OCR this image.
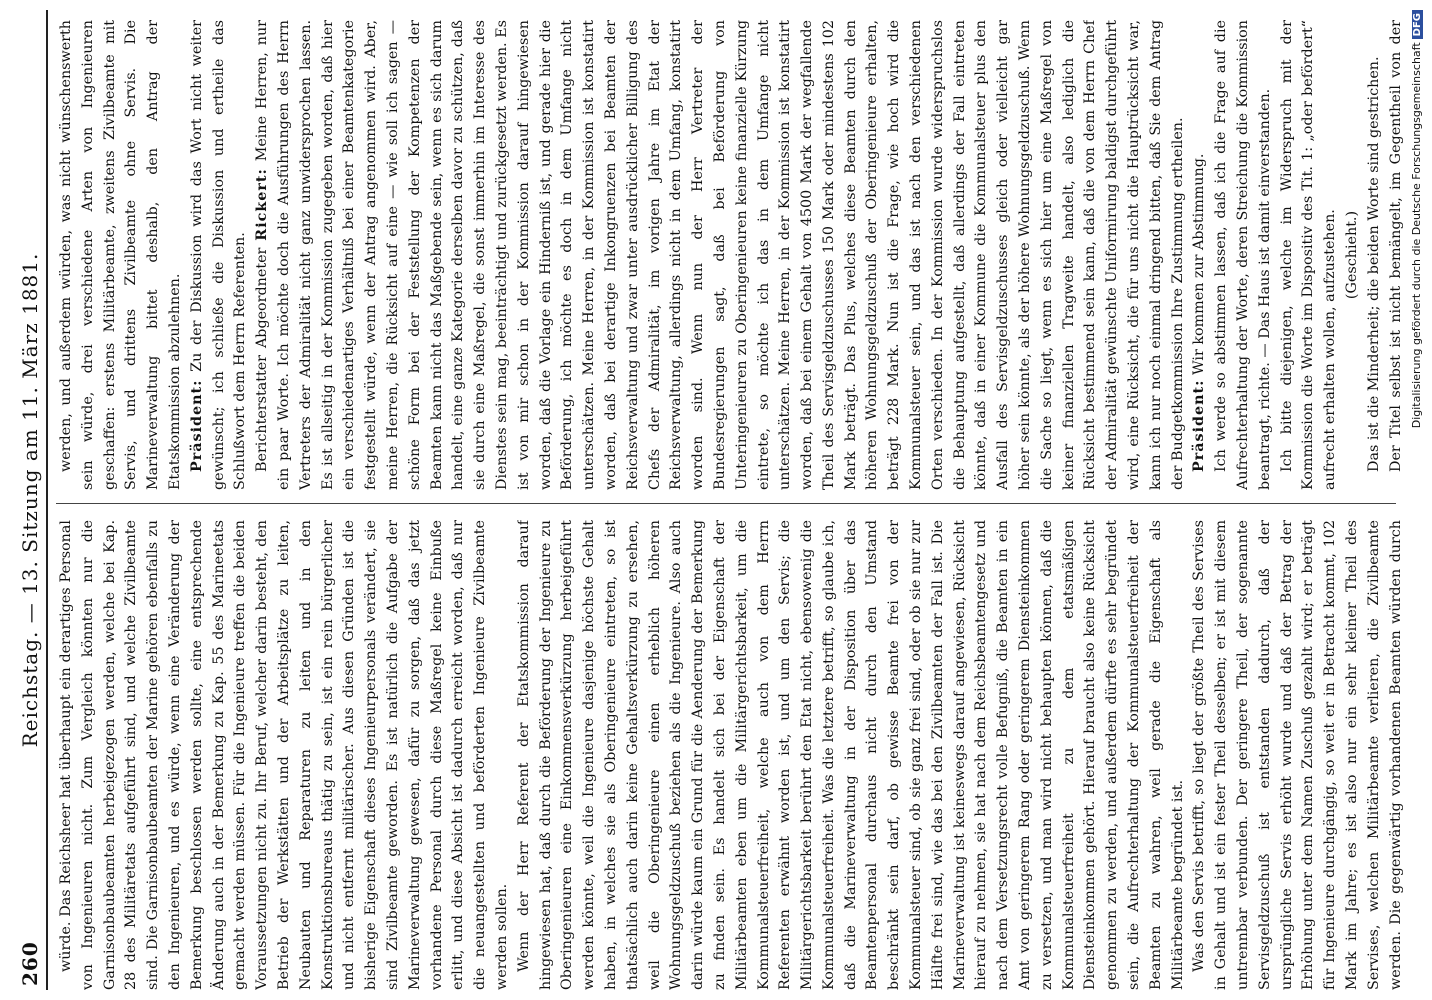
260
Reichstag. — 13. Sitzung am 11. März 1881. würde. Das Reichsheer hat überhaupt ein derartiges Personal von Ingenieuren nicht. Zum Vergleich könnten nur die Garnisonbaubeamten herbeigezogen werden, welche bei Kap. 28 des Militäretats aufgeführt sind, und welche Zivilbeamte sind. Die Garnisonbaubeamten der Marine gehören ebenfalls zu den Ingenieuren, und es würde, wenn eine Veränderung der Bemerkung beschlossen werden sollte, eine entsprechende Änderung auch in der Bemerkung zu Kap. 55 des Marineetats gemacht werden müssen. Für die Ingenieure treffen die beiden Voraussetzungen nicht zu. Ihr Beruf, welcher darin besteht, den Betrieb der Werkstätten und der Arbeitsplätze zu leiten, Neubauten und Reparaturen zu leiten und in den Konstruktionsbureaus thätig zu sein, ist ein rein bürgerlicher und nicht entfernt militärischer. Aus diesen Gründen ist die bisherige Eigenschaft dieses Ingenieurpersonals verändert, sie sind Zivilbeamte geworden. Es ist natürlich die Aufgabe der Marineverwaltung gewesen, dafür zu sorgen, daß das jetzt vorhandene Personal durch diese Maßregel keine Einbuße erlitt, und diese Absicht ist dadurch erreicht worden, daß nur die neuangestellten und beförderten Ingenieure Zivilbeamte werden sollen. Wenn der Herr Referent der Etatskommission darauf hingewiesen hat, daß durch die Beförderung der Ingenieure zu Oberingenieuren eine Einkommensverkürzung herbeigeführt werden könnte, weil die Ingenieure dasjenige höchste Gehalt haben, in welches sie als Oberingenieure eintreten, so ist thatsächlich auch darin keine Gehaltsverkürzung zu ersehen, weil die Oberingenieure einen erheblich höheren Wohnungsgeldzuschuß beziehen als die Ingenieure. Also auch darin würde kaum ein Grund für die Aenderung der Bemerkung zu finden sein. Es handelt sich bei der Eigenschaft der Militärbeamten eben um die Militärgerichtsbarkeit, um die Kommunalsteuerfreiheit, welche auch von dem Herrn Referenten erwähnt worden ist, und um den Servis; die Militärgerichtsbarkeit berührt den Etat nicht, ebensowenig die Kommunalsteuerfreiheit. Was die letztere betrifft, so glaube ich, daß die Marineverwaltung in der Disposition über das Beamtenpersonal durchaus nicht durch den Umstand beschränkt sein darf, ob gewisse Beamte frei von der Kommunalsteuer sind, ob sie ganz frei sind, oder ob sie nur zur Hälfte frei sind, wie das bei den Zivilbeamten der Fall ist. Die Marineverwaltung ist keineswegs darauf angewiesen, Rücksicht hierauf zu nehmen, sie hat nach dem Reichsbeamtengesetz und nach dem Versetzungsrecht volle Befugniß, die Beamten in ein Amt von geringerem Rang oder geringerem Diensteinkommen zu versetzen, und man wird nicht behaupten können, daß die Kommunalsteuerfreiheit zu dem etatsmäßigen Diensteinkommen gehört. Hierauf braucht also keine Rücksicht genommen zu werden, und außerdem dürfte es sehr begründet sein, die Aufrechterhaltung der Kommunalsteuerfreiheit der Beamten zu wahren, weil gerade die Eigenschaft als Militärbeamte begründet ist. Was den Servis betrifft, so liegt der größte Theil des Servises in Gehalt und ist ein fester Theil desselben; er ist mit diesem untrennbar verbunden. Der geringere Theil, der sogenannte Servisgeldzuschuß ist entstanden dadurch, daß der ursprüngliche Servis erhöht wurde und daß der Betrag der Erhöhung unter dem Namen Zuschuß gezahlt wird; er beträgt für Ingenieure durchgängig, so weit er in Betracht kommt, 102 Mark im Jahre; es ist also nur ein sehr kleiner Theil des Servises, welchen Militärbeamte verlieren, die Zivilbeamte werden. Die gegenwärtig vorhandenen Beamten würden durch

werden, und außerdem würden, was nicht wünschenswerth sein würde, drei verschiedene Arten von Ingenieuren geschaffen: erstens Militärbeamte, zweitens Zivilbeamte mit Servis, und drittens Zivilbeamte ohne Servis. Die Marineverwaltung bittet deshalb, den Antrag der Etatskommission abzulehnen. Präsident: Zu der Diskussion wird das Wort nicht weiter gewünscht; ich schließe die Diskussion und ertheile das Schlußwort dem Herrn Referenten. Berichterstatter Abgeordneter Rickert: Meine Herren, nur ein paar Worte. Ich möchte doch die Ausführungen des Herrn Vertreters der Admiralität nicht ganz unwidersprochen lassen. Es ist allseitig in der Kommission zugegeben worden, daß hier ein verschiedenartiges Verhältniß bei einer Beamtenkategorie festgestellt würde, wenn der Antrag angenommen wird. Aber, meine Herren, die Rücksicht auf eine — wie soll ich sagen — schöne Form bei der Feststellung der Kompetenzen der Beamten kann nicht das Maßgebende sein, wenn es sich darum handelt, eine ganze Kategorie derselben davor zu schützen, daß sie durch eine Maßregel, die sonst immerhin im Interesse des Dienstes sein mag, beeinträchtigt und zurückgesetzt werden. Es ist von mir schon in der Kommission darauf hingewiesen worden, daß die Vorlage ein Hinderniß ist, und gerade hier die Beförderung, ich möchte es doch in dem Umfange nicht unterschätzen. Meine Herren, in der Kommission ist konstatirt worden, daß bei derartige Inkongruenzen bei Beamten der Reichsverwaltung und zwar unter ausdrücklicher Billigung des Chefs der Admiralität, im vorigen Jahre im Etat der Reichsverwaltung, allerdings nicht in dem Umfang, konstatirt worden sind. Wenn nun der Herr Vertreter der Bundesregierungen sagt, daß bei Beförderung von Unteringenieuren zu Oberingenieuren keine finanzielle Kürzung eintrete, so möchte ich das in dem Umfange nicht unterschätzen. Meine Herren, in der Kommission ist konstatirt worden, daß bei einem Gehalt von 4500 Mark der wegfallende Theil des Servisgeldzuschusses 150 Mark oder mindestens 102 Mark beträgt. Das Plus, welches diese Beamten durch den höheren Wohnungsgeldzuschuß der Oberingenieure erhalten, beträgt 228 Mark. Nun ist die Frage, wie hoch wird die Kommunalsteuer sein, und das ist nach den verschiedenen Orten verschieden. In der Kommission wurde widerspruchslos die Behauptung aufgestellt, daß allerdings der Fall eintreten könnte, daß in einer Kommune die Kommunalsteuer plus den Ausfall des Servisgeldzuschusses gleich oder vielleicht gar höher sein könnte, als der höhere Wohnungsgeldzuschuß. Wenn die Sache so liegt, wenn es sich hier um eine Maßregel von keiner finanziellen Tragweite handelt, also lediglich die Rücksicht bestimmend sein kann, daß die von dem Herrn Chef der Admiralität gewünschte Uniformirung baldigst durchgeführt wird, eine Rücksicht, die für uns nicht die Hauptrücksicht war, kann ich nur noch einmal dringend bitten, daß Sie dem Antrag der Budgetkommission Ihre Zustimmung ertheilen. Präsident: Wir kommen zur Abstimmung. Ich werde so abstimmen lassen, daß ich die Frage auf die Aufrechterhaltung der Worte, deren Streichung die Kommission beantragt, richte. — Das Haus ist damit einverstanden. Ich bitte diejenigen, welche im Widerspruch mit der Kommission die Worte im Dispositiv des Tit. 1: „oder befördert“ aufrecht erhalten wollen, aufzustehen. (Geschieht.) Das ist die Minderheit; die beiden Worte sind gestrichen. Der Titel selbst ist nicht bemängelt, im Gegentheil von der

Digitalisierung gefördert durch die Deutsche ForschungsgemeinschaftDFG
